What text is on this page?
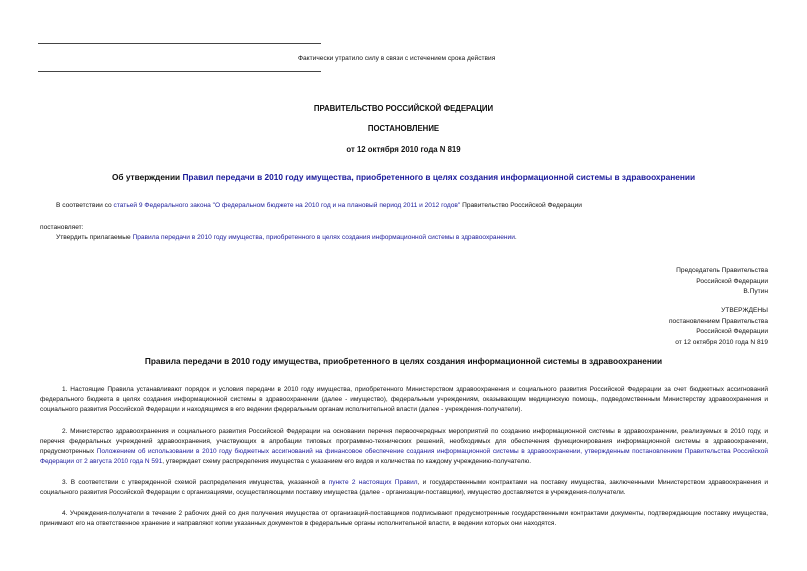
Фактически утратило силу в связи с истечением срока действия
ПРАВИТЕЛЬСТВО РОССИЙСКОЙ ФЕДЕРАЦИИ
ПОСТАНОВЛЕНИЕ
от 12 октября 2010 года N 819
Об утверждении Правил передачи в 2010 году имущества, приобретенного в целях создания информационной системы в здравоохранении
В соответствии со статьей 9 Федерального закона "О федеральном бюджете на 2010 год и на плановый период 2011 и 2012 годов" Правительство Российской Федерации
постановляет:
Утвердить прилагаемые Правила передачи в 2010 году имущества, приобретенного в целях создания информационной системы в здравоохранении.
Председатель Правительства
Российской Федерации
В.Путин
УТВЕРЖДЕНЫ
постановлением Правительства
Российской Федерации
от 12 октября 2010 года N 819
Правила передачи в 2010 году имущества, приобретенного в целях создания информационной системы в здравоохранении
1. Настоящие Правила устанавливают порядок и условия передачи в 2010 году имущества, приобретенного Министерством здравоохранения и социального развития Российской Федерации за счет бюджетных ассигнований федерального бюджета в целях создания информационной системы в здравоохранении (далее - имущество), федеральным учреждениям, оказывающим медицинскую помощь, подведомственным Министерству здравоохранения и социального развития Российской Федерации и находящимся в его ведении федеральным органам исполнительной власти (далее - учреждения-получатели).
2. Министерство здравоохранения и социального развития Российской Федерации на основании перечня первоочередных мероприятий по созданию информационной системы в здравоохранении, реализуемых в 2010 году, и перечня федеральных учреждений здравоохранения, участвующих в апробации типовых программно-технических решений, необходимых для обеспечения функционирования информационной системы в здравоохранении, предусмотренных Положением об использовании в 2010 году бюджетных ассигнований на финансовое обеспечение создания информационной системы в здравоохранении, утвержденным постановлением Правительства Российской Федерации от 2 августа 2010 года N 591, утверждает схему распределения имущества с указанием его видов и количества по каждому учреждению-получателю.
3. В соответствии с утвержденной схемой распределения имущества, указанной в пункте 2 настоящих Правил, и государственными контрактами на поставку имущества, заключенными Министерством здравоохранения и социального развития Российской Федерации с организациями, осуществляющими поставку имущества (далее - организации-поставщики), имущество доставляется в учреждения-получатели.
4. Учреждения-получатели в течение 2 рабочих дней со дня получения имущества от организаций-поставщиков подписывают предусмотренные государственными контрактами документы, подтверждающие поставку имущества, принимают его на ответственное хранение и направляют копии указанных документов в федеральные органы исполнительной власти, в ведении которых они находятся.
